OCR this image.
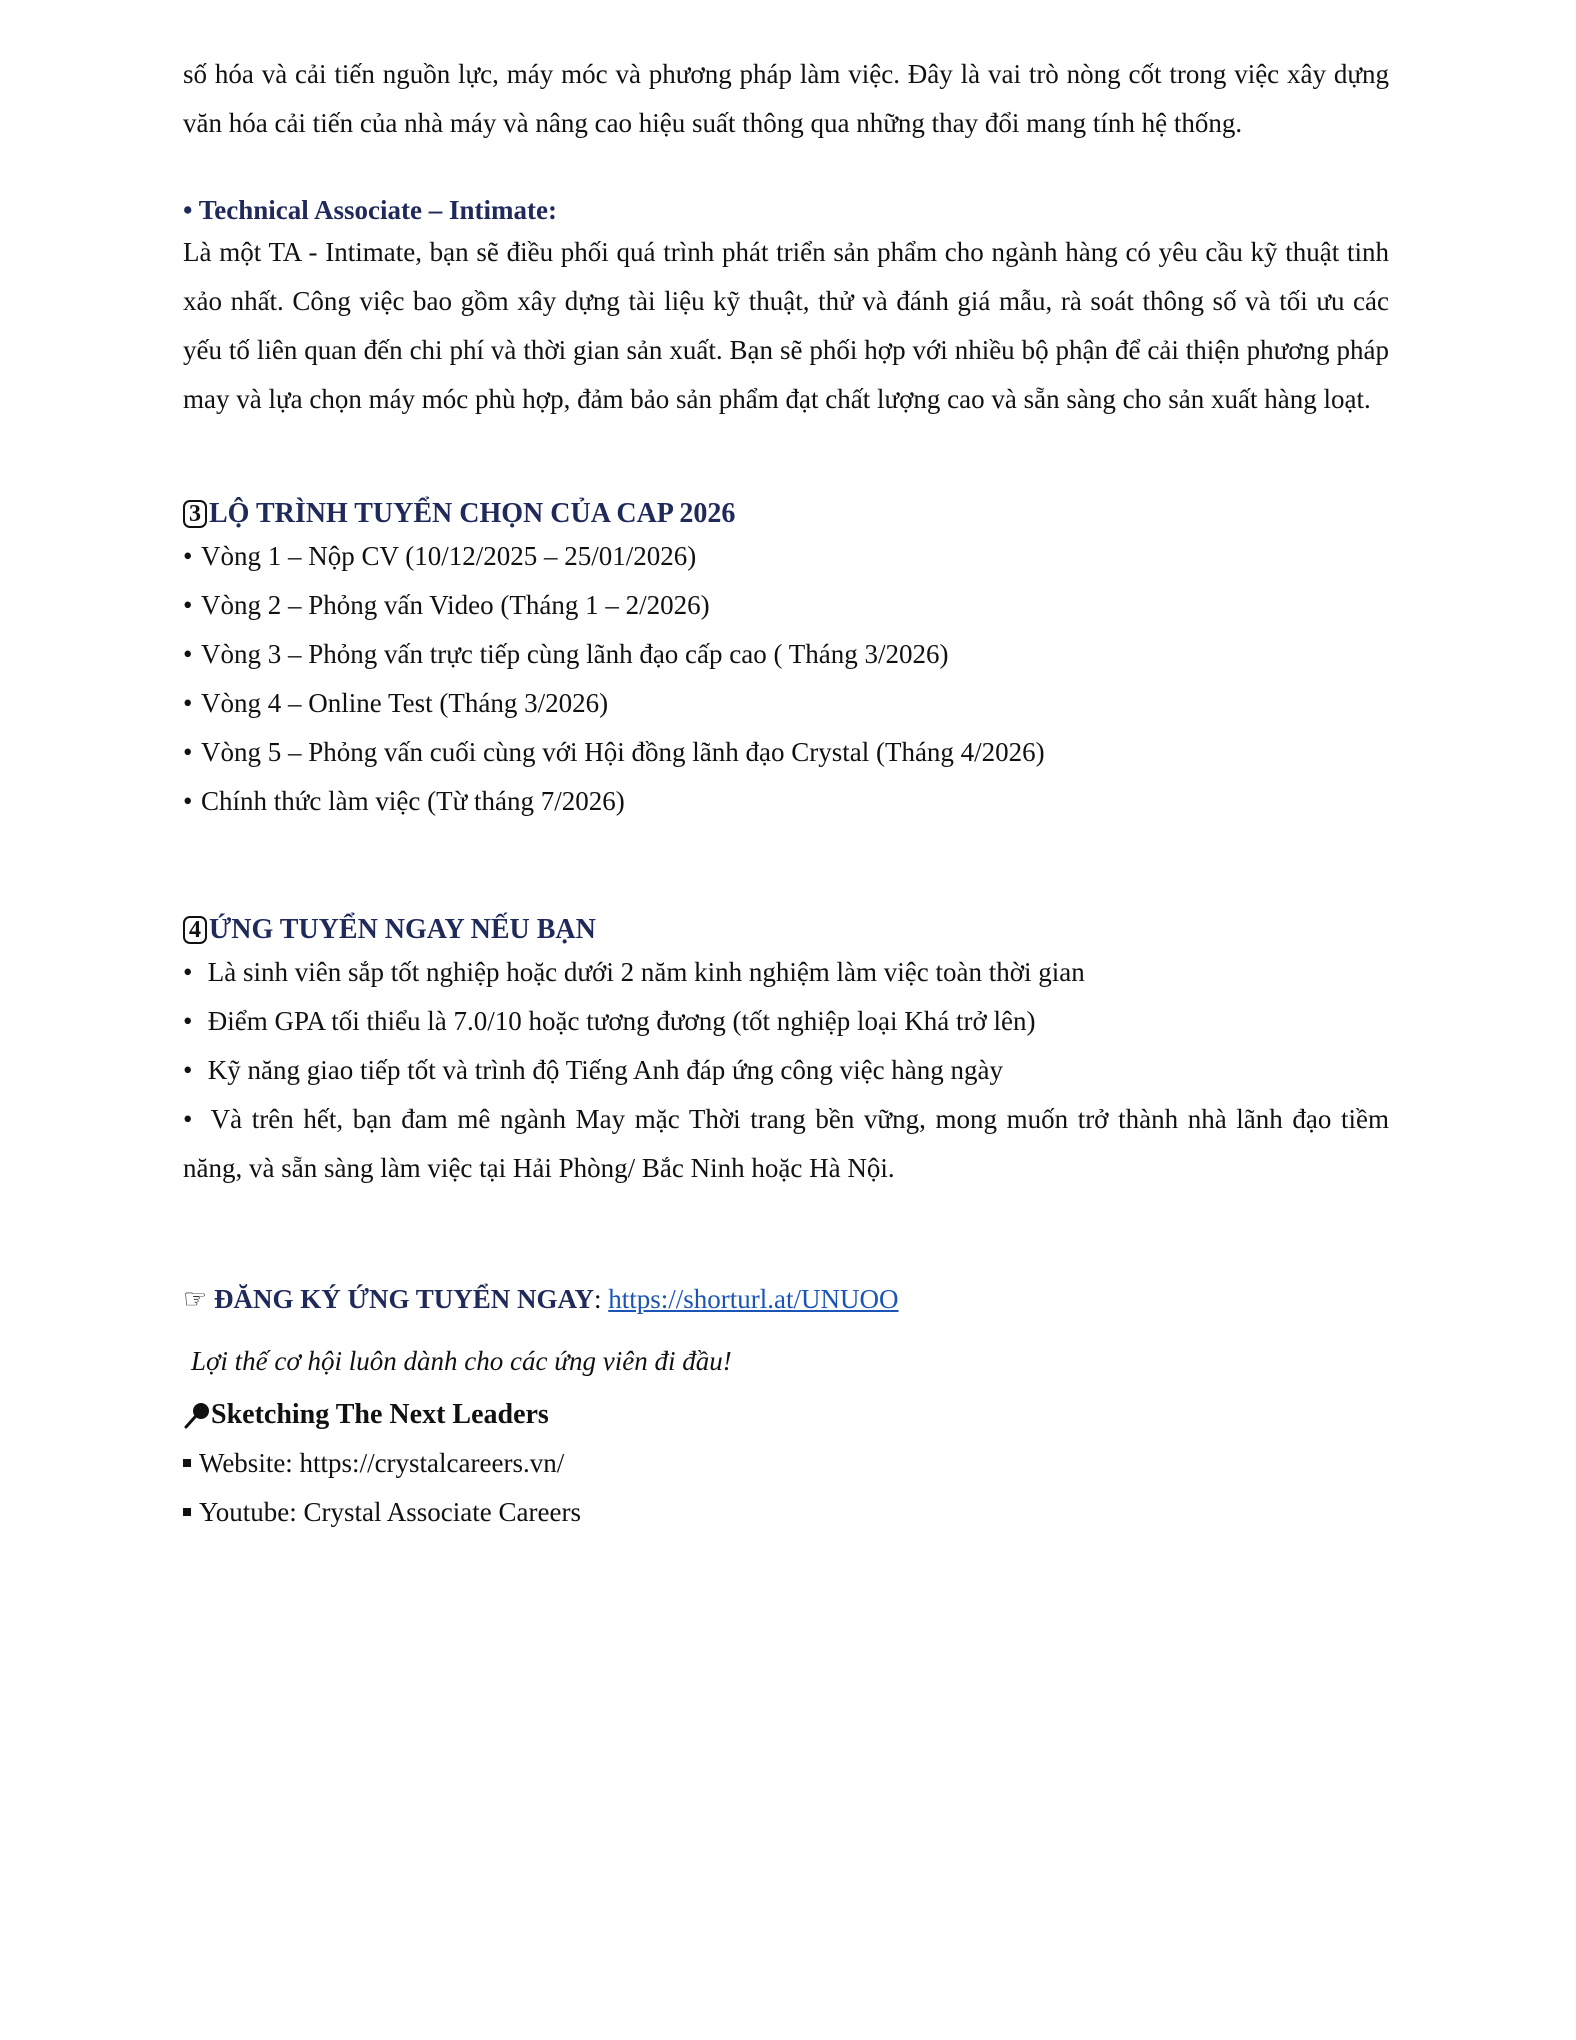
số hóa và cải tiến nguồn lực, máy móc và phương pháp làm việc. Đây là vai trò nòng cốt trong việc xây dựng văn hóa cải tiến của nhà máy và nâng cao hiệu suất thông qua những thay đổi mang tính hệ thống.

• Technical Associate – Intimate:

Là một TA - Intimate, bạn sẽ điều phối quá trình phát triển sản phẩm cho ngành hàng có yêu cầu kỹ thuật tinh xảo nhất. Công việc bao gồm xây dựng tài liệu kỹ thuật, thử và đánh giá mẫu, rà soát thông số và tối ưu các yếu tố liên quan đến chi phí và thời gian sản xuất. Bạn sẽ phối hợp với nhiều bộ phận để cải thiện phương pháp may và lựa chọn máy móc phù hợp, đảm bảo sản phẩm đạt chất lượng cao và sẵn sàng cho sản xuất hàng loạt.

3 LỘ TRÌNH TUYỂN CHỌN CỦA CAP 2026
• Vòng 1 – Nộp CV (10/12/2025 – 25/01/2026)
• Vòng 2 – Phỏng vấn Video (Tháng 1 – 2/2026)
• Vòng 3 – Phỏng vấn trực tiếp cùng lãnh đạo cấp cao ( Tháng 3/2026)
• Vòng 4 – Online Test (Tháng 3/2026)
• Vòng 5 – Phỏng vấn cuối cùng với Hội đồng lãnh đạo Crystal (Tháng 4/2026)
• Chính thức làm việc (Từ tháng 7/2026)
4 ỨNG TUYỂN NGAY NẾU BẠN
• Là sinh viên sắp tốt nghiệp hoặc dưới 2 năm kinh nghiệm làm việc toàn thời gian
• Điểm GPA tối thiểu là 7.0/10 hoặc tương đương (tốt nghiệp loại Khá trở lên)
• Kỹ năng giao tiếp tốt và trình độ Tiếng Anh đáp ứng công việc hàng ngày
• Và trên hết, bạn đam mê ngành May mặc Thời trang bền vững, mong muốn trở thành nhà lãnh đạo tiềm năng, và sẵn sàng làm việc tại Hải Phòng/ Bắc Ninh hoặc Hà Nội.
☞ ĐĂNG KÝ ỨNG TUYỂN NGAY: https://shorturl.at/UNUOO
Lợi thế cơ hội luôn dành cho các ứng viên đi đầu!
Sketching The Next Leaders
Website: https://crystalcareers.vn/
Youtube: Crystal Associate Careers
